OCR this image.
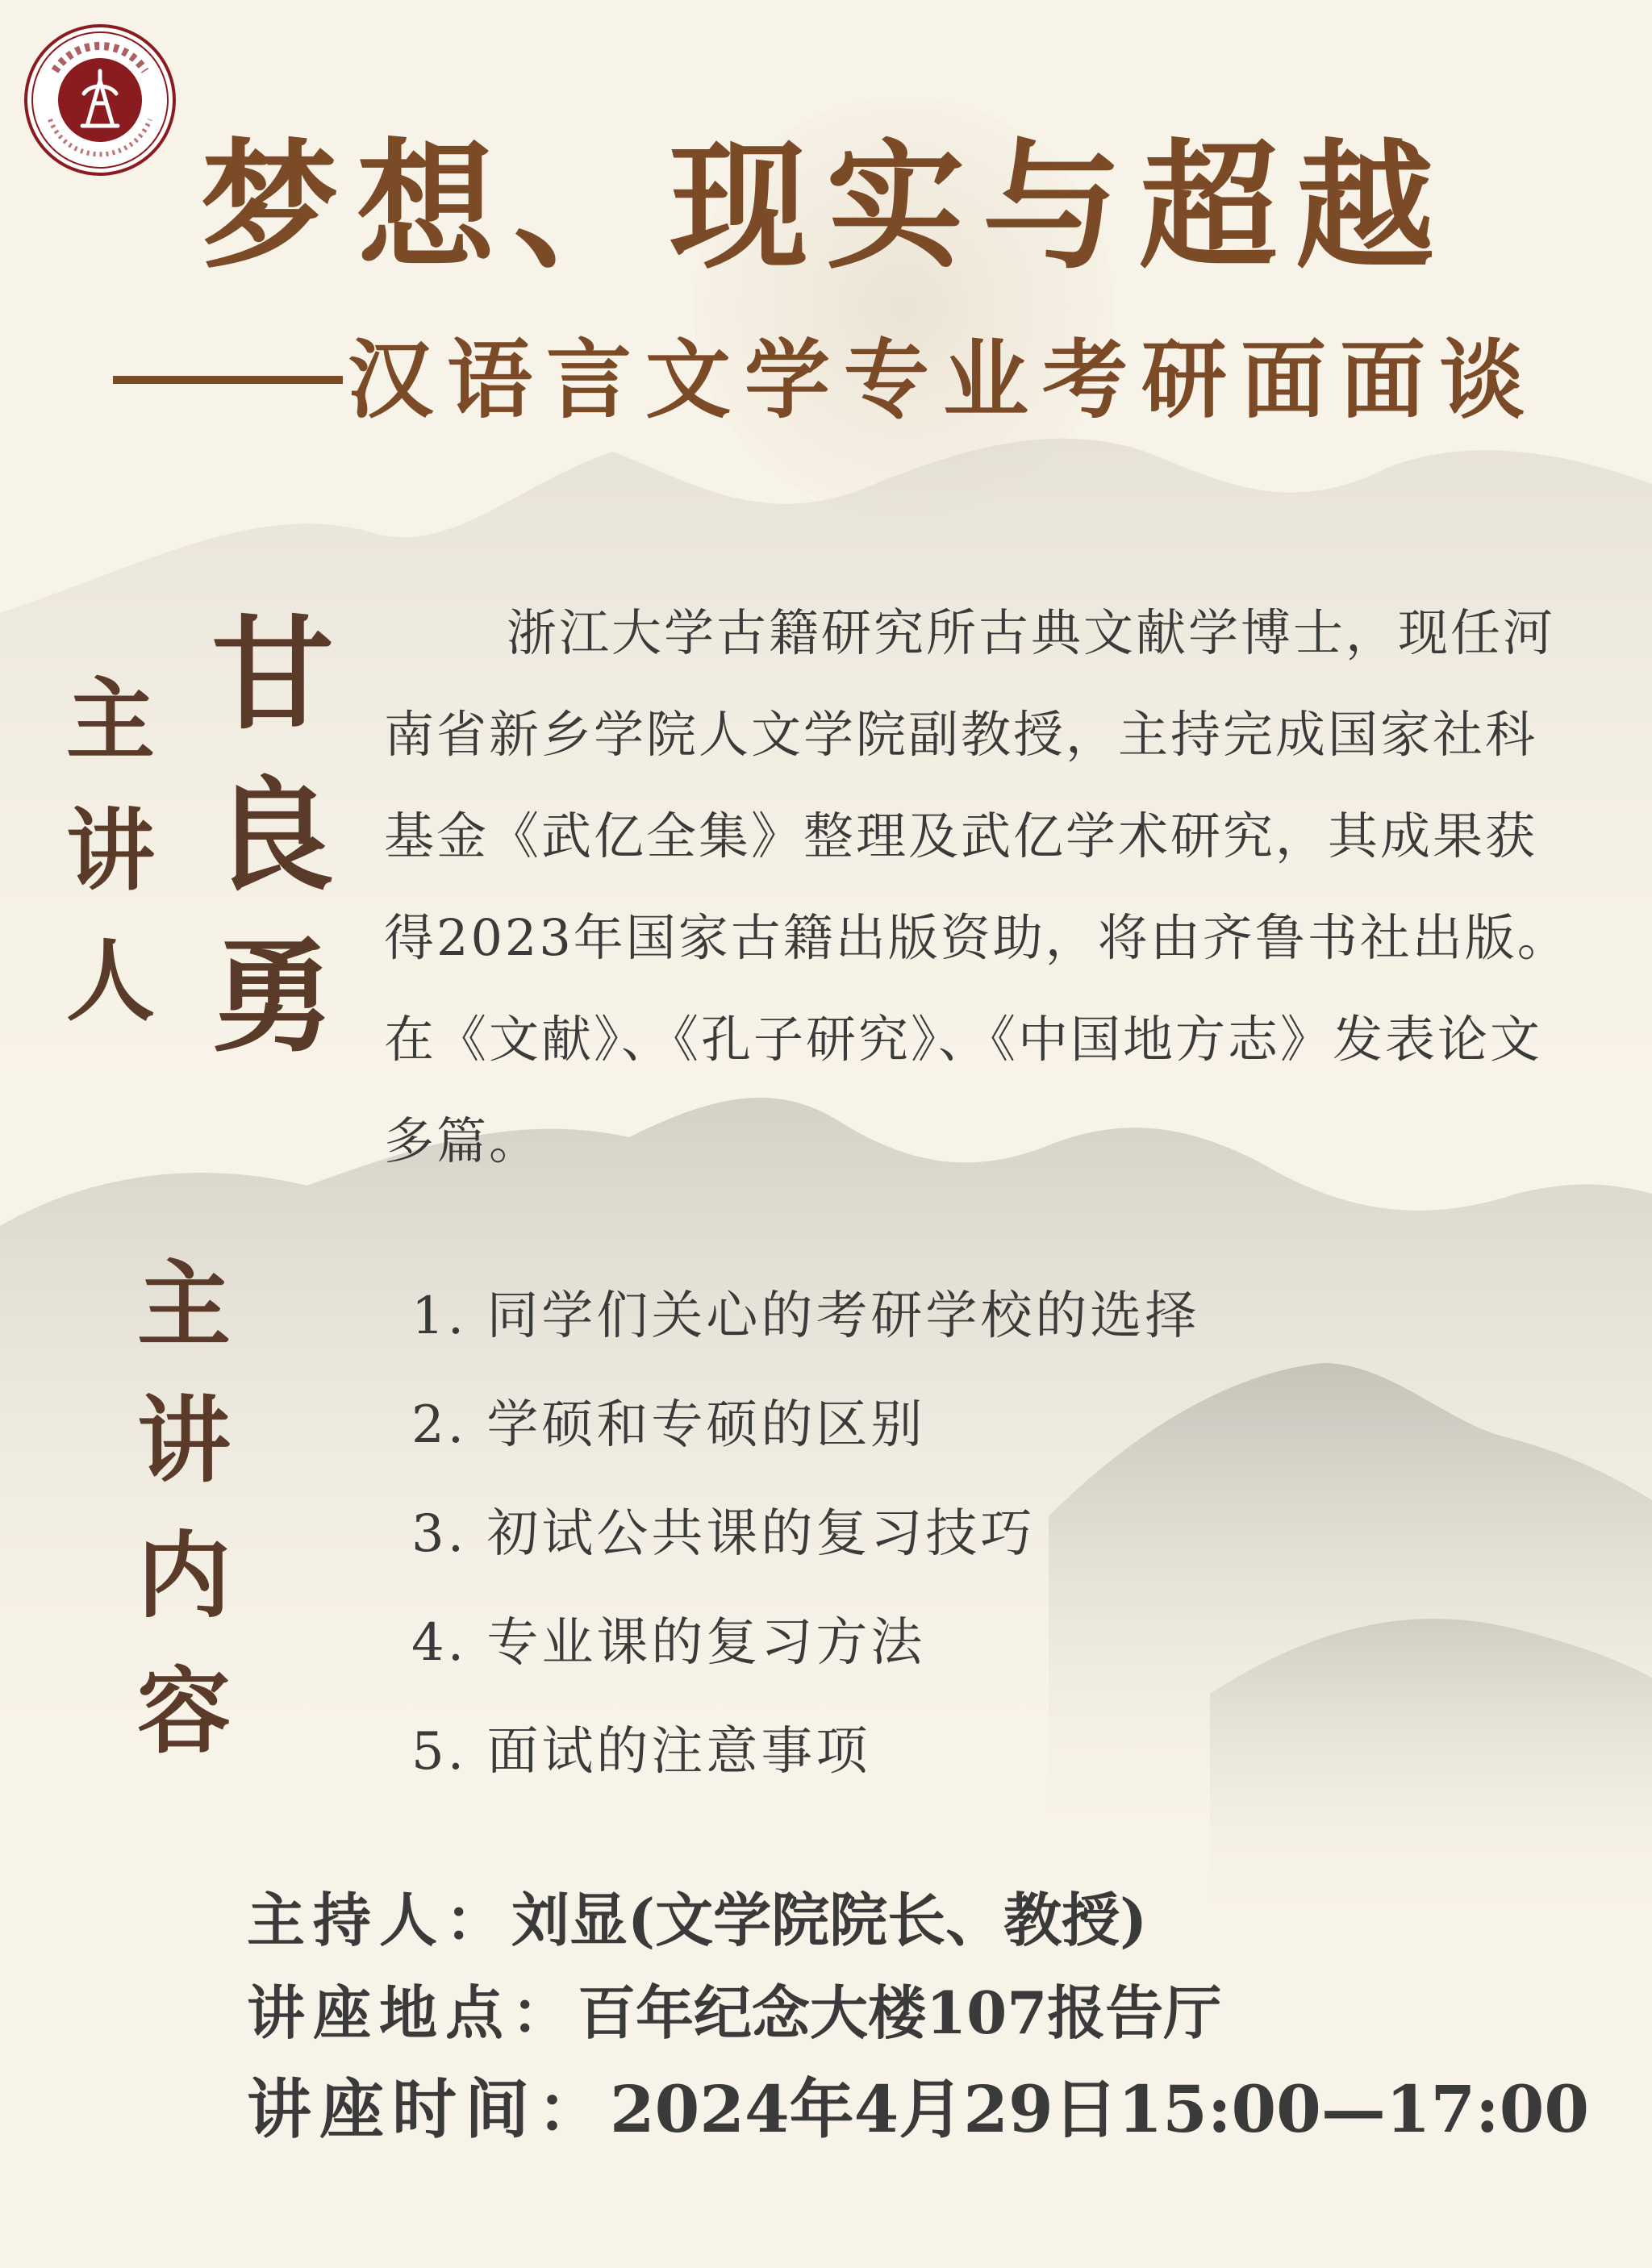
梦想、现实与超越
汉语言文学专业考研面面谈
主
讲
人
甘
良
勇

浙江大学古籍研究所古典文献学博士，现任河南省新乡学院人文学院副教授，主持完成国家社科基金《武亿全集》整理及武亿学术研究，其成果获得2023年国家古籍出版资助，将由齐鲁书社出版。在《文献》、《孔子研究》、《中国地方志》发表论文多篇。

主
讲
内
容
1. 同学们关心的考研学校的选择
2. 学硕和专硕的区别
3. 初试公共课的复习技巧
4. 专业课的复习方法
5. 面试的注意事项
主持人：刘显(文学院院长、教授)
讲座地点：百年纪念大楼107报告厅
讲座时间：2024年4月29日15:00—17:00
